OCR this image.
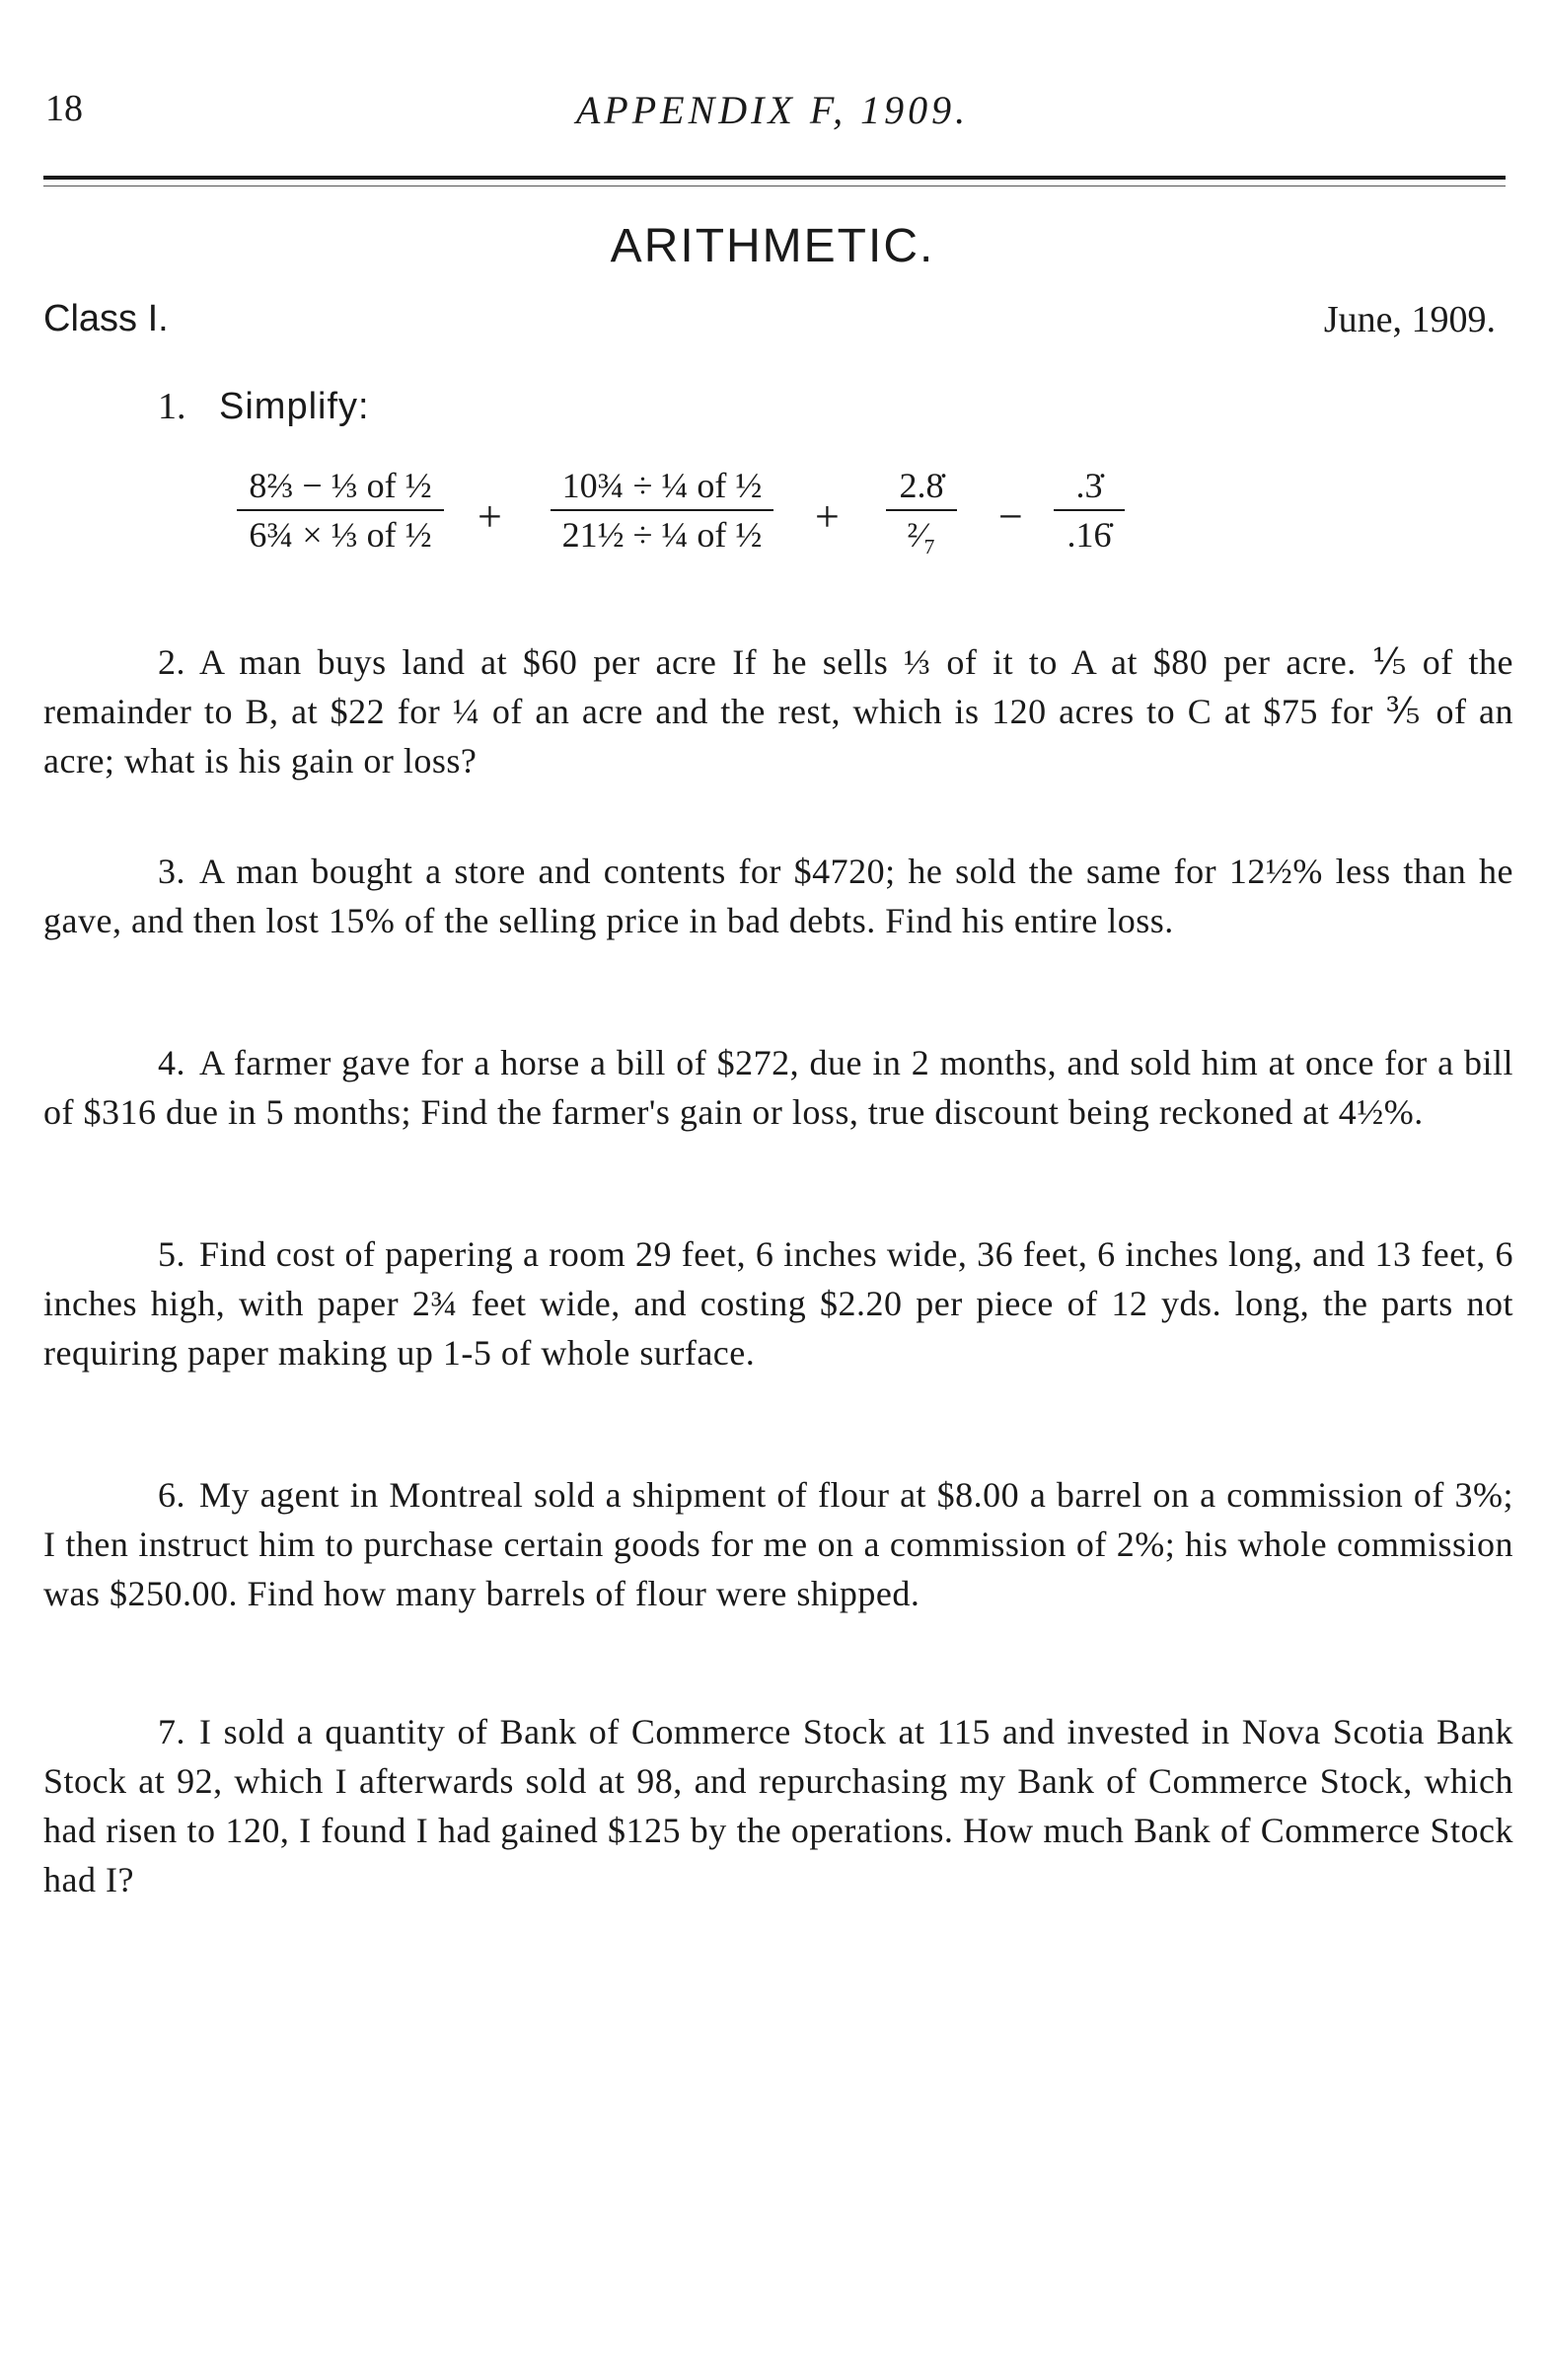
18	APPENDIX F, 1909.
ARITHMETIC.
Class I.	June, 1909.
1. Simplify:
8⅔ − ⅓ of ½
6¾ × ⅓ of ½ +
10¾ ÷ ¼ of ½
21½ ÷ ¼ of ½ +
2.8̇
²⁄₇	−
.3̇
.16̇

2. A man buys land at $60 per acre If he sells ⅓ of it to A at $80 per acre. ⅕ of the remainder to B, at $22 for ¼ of an acre and the rest, which is 120 acres to C at $75 for ⅗ of an acre; what is his gain or loss?

3. A man bought a store and contents for $4720; he sold the same for 12½% less than he gave, and then lost 15% of the selling price in bad debts. Find his entire loss.

4. A farmer gave for a horse a bill of $272, due in 2 months, and sold him at once for a bill of $316 due in 5 months; Find the farmer's gain or loss, true discount being reckoned at 4½%.

5. Find cost of papering a room 29 feet, 6 inches wide, 36 feet, 6 inches long, and 13 feet, 6 inches high, with paper 2¾ feet wide, and costing $2.20 per piece of 12 yds. long, the parts not requiring paper making up 1-5 of whole surface.

6. My agent in Montreal sold a shipment of flour at $8.00 a barrel on a commission of 3%; I then instruct him to purchase certain goods for me on a commission of 2%; his whole commission was $250.00. Find how many barrels of flour were shipped.

7. I sold a quantity of Bank of Commerce Stock at 115 and invested in Nova Scotia Bank Stock at 92, which I afterwards sold at 98, and repurchasing my Bank of Commerce Stock, which had risen to 120, I found I had gained $125 by the operations. How much Bank of Commerce Stock had I?
